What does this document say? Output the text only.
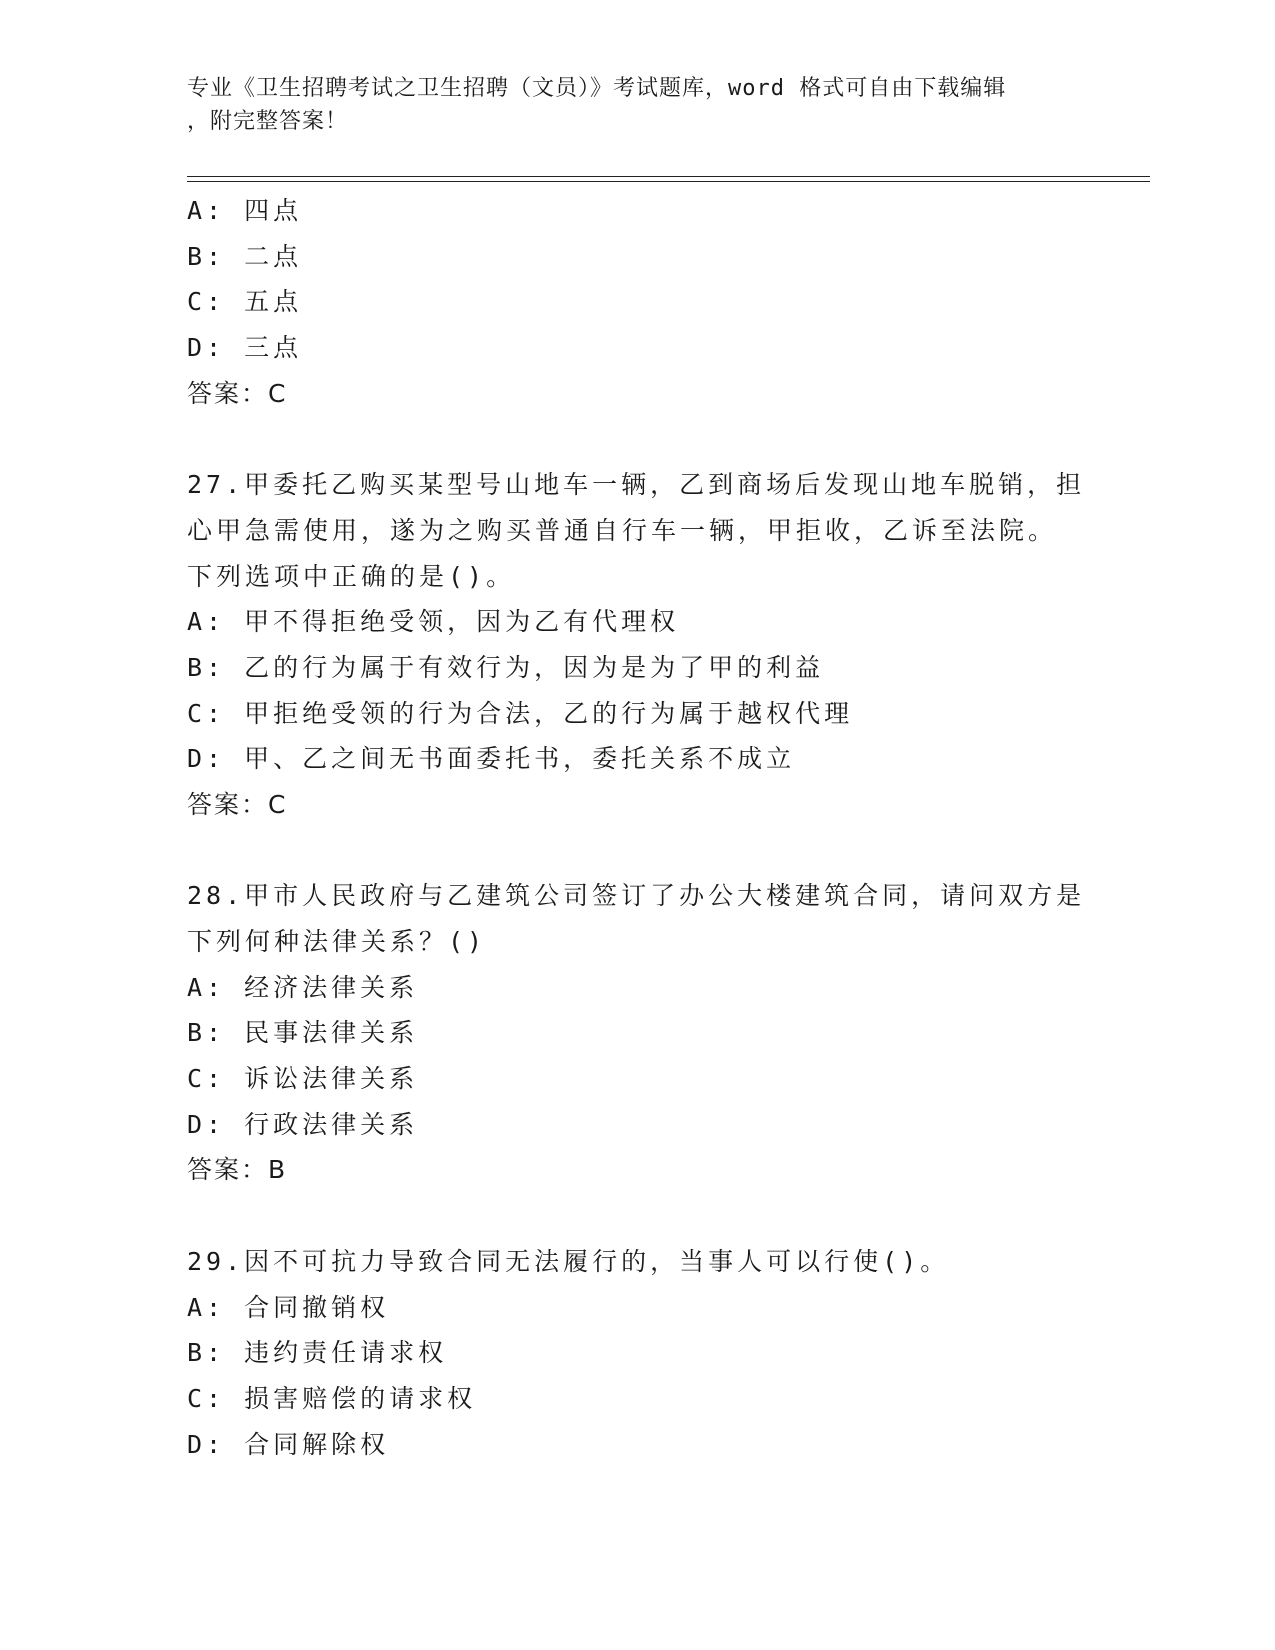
专业《卫生招聘考试之卫生招聘（文员）》考试题库，word 格式可自由下载编辑
，附完整答案！
A: 四点
B: 二点
C: 五点
D: 三点
答案：C
27.甲委托乙购买某型号山地车一辆，乙到商场后发现山地车脱销，担
心甲急需使用，遂为之购买普通自行车一辆，甲拒收，乙诉至法院。
下列选项中正确的是()。
A: 甲不得拒绝受领，因为乙有代理权
B: 乙的行为属于有效行为，因为是为了甲的利益
C: 甲拒绝受领的行为合法，乙的行为属于越权代理
D: 甲、乙之间无书面委托书，委托关系不成立
答案：C
28.甲市人民政府与乙建筑公司签订了办公大楼建筑合同，请问双方是
下列何种法律关系？()
A: 经济法律关系
B: 民事法律关系
C: 诉讼法律关系
D: 行政法律关系
答案：B
29.因不可抗力导致合同无法履行的，当事人可以行使()。
A: 合同撤销权
B: 违约责任请求权
C: 损害赔偿的请求权
D: 合同解除权
